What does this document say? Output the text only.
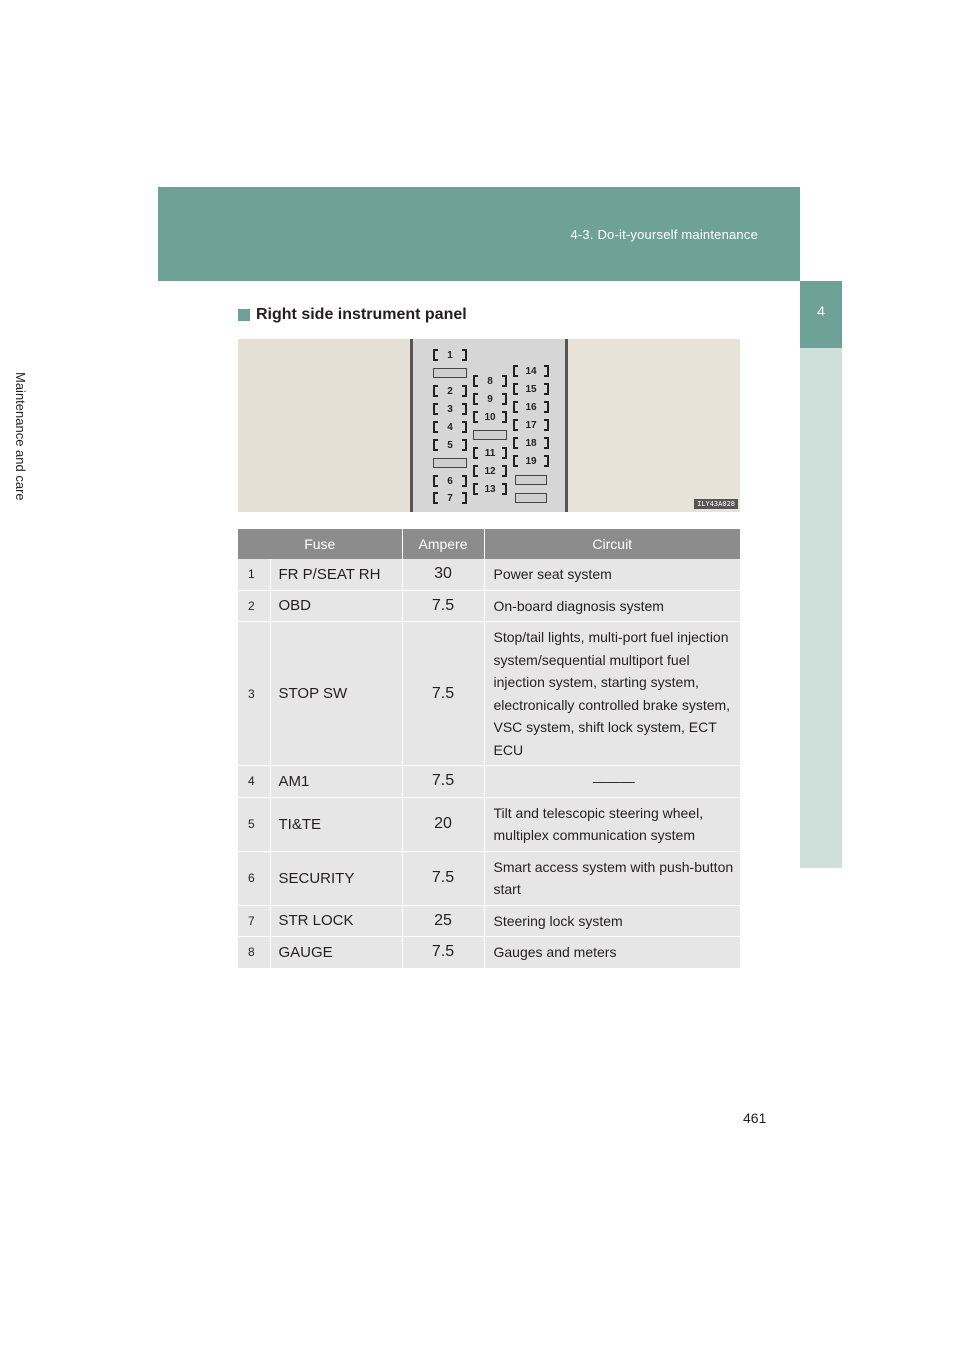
4-3. Do-it-yourself maintenance
4
Maintenance and care
Right side instrument panel
1
2
3
4
5
6
7
8
9
10
11
12
13
14
15
16
17
18
19
ILY43A028
Fuse		Ampere	Circuit
1	FR P/SEAT RH	30	Power seat system
2	OBD	7.5	On-board diagnosis system
3	STOP SW	7.5	Stop/tail lights, multi-port fuel injection system/sequential multiport fuel injection system, starting system, electronically controlled brake system, VSC system, shift lock system, ECT ECU
4	AM1	7.5	———
5	TI&TE	20	Tilt and telescopic steering wheel, multiplex communication system
6	SECURITY	7.5	Smart access system with push-button start
7	STR LOCK	25	Steering lock system
8	GAUGE	7.5	Gauges and meters
461
